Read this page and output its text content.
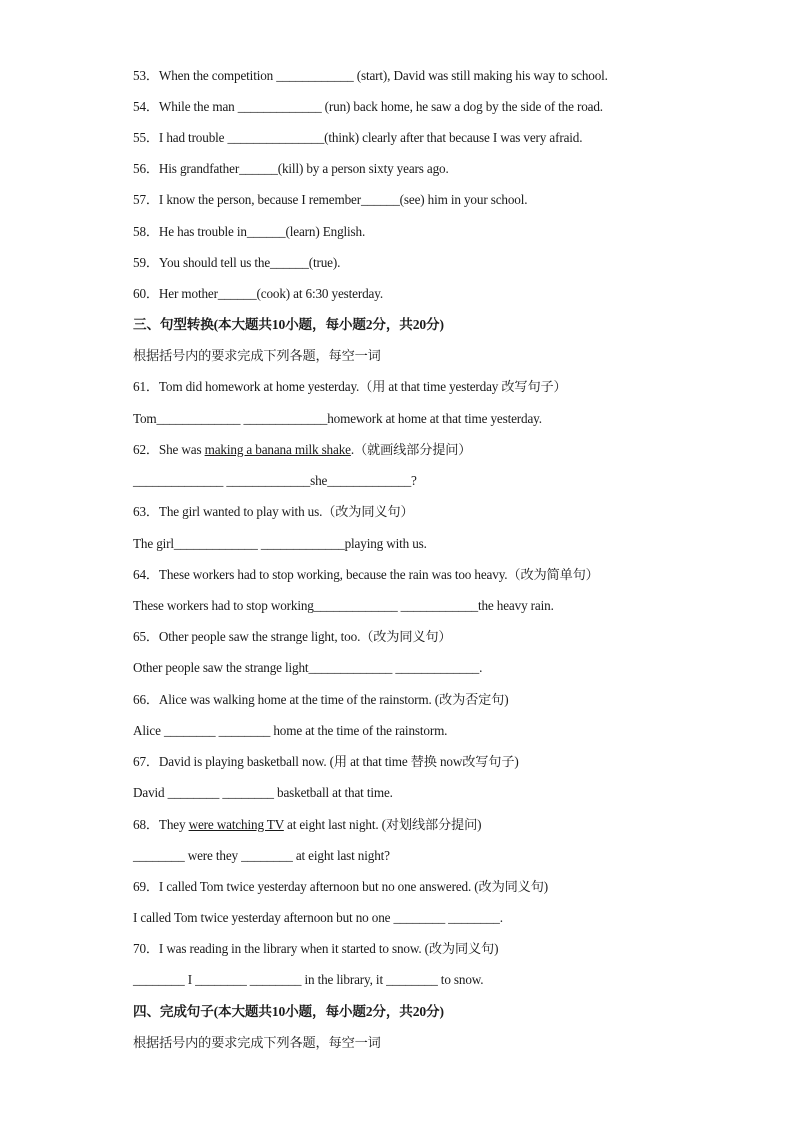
53．When the competition ____________ (start), David was still making his way to school.
54．While the man _____________ (run) back home, he saw a dog by the side of the road.
55．I had trouble _______________(think) clearly after that because I was very afraid.
56．His grandfather______(kill) by a person sixty years ago.
57．I know the person, because I remember______(see) him in your school.
58．He has trouble in______(learn) English.
59．You should tell us the______(true).
60．Her mother______(cook) at 6:30 yesterday.
三、句型转换(本大题共10小题，每小题2分，共20分)
根据括号内的要求完成下列各题，每空一词
61．Tom did homework at home yesterday.（用 at that time yesterday 改写句子）
Tom_____________ _____________homework at home at that time yesterday.
62．She was making a banana milk shake.（就画线部分提问）
______________ _____________she_____________?
63．The girl wanted to play with us.（改为同义句）
The girl_____________ _____________playing with us.
64．These workers had to stop working, because the rain was too heavy.（改为简单句）
These workers had to stop working_____________ ____________the heavy rain.
65．Other people saw the strange light, too.（改为同义句）
Other people saw the strange light_____________ _____________.
66．Alice was walking home at the time of the rainstorm. (改为否定句)
Alice ________ ________ home at the time of the rainstorm.
67．David is playing basketball now. (用 at that time 替换 now改写句子)
David ________ ________ basketball at that time.
68．They were watching TV at eight last night. (对划线部分提问)
________ were they ________ at eight last night?
69．I called Tom twice yesterday afternoon but no one answered. (改为同义句)
I called Tom twice yesterday afternoon but no one ________ ________.
70．I was reading in the library when it started to snow. (改为同义句)
________ I ________ ________ in the library, it ________ to snow.
四、完成句子(本大题共10小题，每小题2分，共20分)
根据括号内的要求完成下列各题，每空一词
